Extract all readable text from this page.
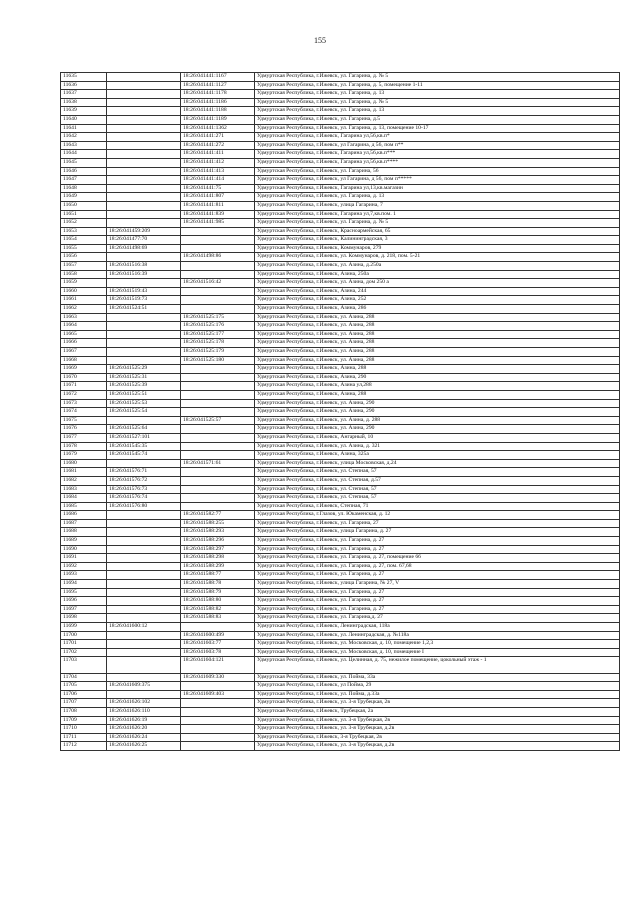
155
11635		18:26:041441:1167	Удмуртская Республика, г.Ижевск, ул. Гагарина, д. № 5
11636		18:26:041441:1127	Удмуртская Республика, г.Ижевск, ул. Гагарина, д. 5, помещение 1-11
11637		18:26:041441:1178	Удмуртская Республика, г.Ижевск, ул. Гагарина, д. 13
11638		18:26:041441:1186	Удмуртская Республика, г.Ижевск, ул. Гагарина, д. № 5
11639		18:26:041441:1188	Удмуртская Республика, г.Ижевск, ул. Гагарина, д. 13
11640		18:26:041441:1189	Удмуртская Республика, г.Ижевск, ул. Гагарина, д.5
11641		18:26:041441:1362	Удмуртская Республика, г.Ижевск, ул. Гагарина, д. 13, помещение 10-17
11642		18:26:041441:271	Удмуртская Республика, г.Ижевск, Гагарина ул,56,кв.п*
11643		18:26:041441:272	Удмуртская Республика, г.Ижевск, ул Гагарина, д 56, пом п**
11644		18:26:041441:411	Удмуртская Республика, г.Ижевск, Гагарина ул,56,кв.п***
11645		18:26:041441:412	Удмуртская Республика, г.Ижевск, Гагарина ул,56,кв.п****
11646		18:26:041441:413	Удмуртская Республика, г.Ижевск, ул. Гагарина, 56
11647		18:26:041441:414	Удмуртская Республика, г.Ижевск, ул Гагарина, д 56, пом п*****
11648		18:26:041441:75	Удмуртская Республика, г.Ижевск, Гагарина ул,13,кв.магазин
11649		18:26:041441:807	Удмуртская Республика, г.Ижевск, ул. Гагарина, д. 13
11650		18:26:041441:811	Удмуртская Республика, г.Ижевск, улица Гагарина, 7
11651		18:26:041441:839	Удмуртская Республика, г.Ижевск, Гагарина ул,7,кв.пом. 1
11652		18:26:041441:985	Удмуртская Республика, г.Ижевск, ул. Гагарина, д. № 5
11653	18:26:041459:209		Удмуртская Республика, г.Ижевск, Красноармейская, 65
11654	18:26:041477:70		Удмуртская Республика, г.Ижевск, Калининградская, 3
11655	18:26:041498:69		Удмуртская Республика, г.Ижевск, Коммунаров, 279
11656		18:26:041498:86	Удмуртская Республика, г.Ижевск, ул. Коммунаров, д. 218, пом. 5-21
11657	18:26:041516:38		Удмуртская Республика, г.Ижевск, ул. Азина, д.250а
11658	18:26:041516:39		Удмуртская Республика, г.Ижевск, Азина, 250а
11659		18:26:041516:42	Удмуртская Республика, г.Ижевск, ул. Азина, дом 250 а
11660	18:26:041519:43		Удмуртская Республика, г.Ижевск, Азина, 244
11661	18:26:041519:73		Удмуртская Республика, г.Ижевск, Азина, 252
11662	18:26:041524:51		Удмуртская Республика, г.Ижевск, Азина, 286
11663		18:26:041525:175	Удмуртская Республика, г.Ижевск, ул. Азина, 288
11664		18:26:041525:176	Удмуртская Республика, г.Ижевск, ул. Азина, 288
11665		18:26:041525:177	Удмуртская Республика, г.Ижевск, ул. Азина, 288
11666		18:26:041525:178	Удмуртская Республика, г.Ижевск, ул. Азина, 288
11667		18:26:041525:179	Удмуртская Республика, г.Ижевск, ул. Азина, 288
11668		18:26:041525:180	Удмуртская Республика, г.Ижевск, ул. Азина, 288
11669	18:26:041525:29		Удмуртская Республика, г.Ижевск, Азина, 288
11670	18:26:041525:31		Удмуртская Республика, г.Ижевск, Азина, 290
11671	18:26:041525:39		Удмуртская Республика, г.Ижевск, Азина ул,288
11672	18:26:041525:51		Удмуртская Республика, г.Ижевск, Азина, 288
11673	18:26:041525:53		Удмуртская Республика, г.Ижевск, ул. Азина, 290
11674	18:26:041525:54		Удмуртская Республика, г.Ижевск, ул. Азина, 290
11675		18:26:041525:57	Удмуртская Республика, г.Ижевск, ул. Азина, д. 288
11676	18:26:041525:64		Удмуртская Республика, г.Ижевск, ул. Азина, 290
11677	18:26:041527:101		Удмуртская Республика, г.Ижевск, Ангарный, 10
11678	18:26:041545:35		Удмуртская Республика, г.Ижевск, ул. Азина, д. 321
11679	18:26:041545:74		Удмуртская Республика, г.Ижевск, Азина, 325а
11680		18:26:041571:61	Удмуртская Республика, г.Ижевск, улица Московская, д.24
11681	18:26:041576:71		Удмуртская Республика, г.Ижевск, ул. Степная, 57
11682	18:26:041576:72		Удмуртская Республика, г.Ижевск, ул. Степная, д.57
11683	18:26:041576:73		Удмуртская Республика, г.Ижевск, ул. Степная, 57
11684	18:26:041576:74		Удмуртская Республика, г.Ижевск, ул. Степная, 57
11685	18:26:041576:80		Удмуртская Республика, г.Ижевск, Степная, 71
11686		18:26:041582:77	Удмуртская Республика, г.Глазов, ул. Юкаменская, д. 12
11687		18:26:041588:255	Удмуртская Республика, г.Ижевск, ул. Гагарина, 27
11688		18:26:041588:293	Удмуртская Республика, г.Ижевск, улица Гагарина, д. 27
11689		18:26:041588:296	Удмуртская Республика, г.Ижевск, ул. Гагарина, д. 27
11690		18:26:041588:297	Удмуртская Республика, г.Ижевск, ул. Гагарина, д. 27
11691		18:26:041588:298	Удмуртская Республика, г.Ижевск, ул. Гагарина, д. 27, помещение 66
11692		18:26:041588:299	Удмуртская Республика, г.Ижевск, ул. Гагарина, д. 27, пом. 67,68
11693		18:26:041588:77	Удмуртская Республика, г.Ижевск, ул. Гагарина, д. 27
11694		18:26:041588:78	Удмуртская Республика, г.Ижевск, улица Гагарина, № 27, V
11695		18:26:041588:79	Удмуртская Республика, г.Ижевск, ул. Гагарина, д. 27
11696		18:26:041588:80	Удмуртская Республика, г.Ижевск, ул. Гагарина, д. 27
11697		18:26:041588:82	Удмуртская Республика, г.Ижевск, ул. Гагарина, д. 27
11698		18:26:041588:83	Удмуртская Республика, г.Ижевск, ул. Гагарина,д. 27
11699	18:26:041600:12		Удмуртская Республика, г.Ижевск, Ленинградская, 118а
11700		18:26:041600:499	Удмуртская Республика, г.Ижевск, ул. Ленинградская, д. №118а
11701		18:26:041603:77	Удмуртская Республика, г.Ижевск, ул. Московская, д. 10, помещение 1,2,3
11702		18:26:041603:78	Удмуртская Республика, г.Ижевск, ул. Московская, д. 10, помещение I
11703		18:26:041604:121	Удмуртская Республика, г.Ижевск, ул. Целинная, д. 75, нежилое помещение, цокольный этаж - 1
11704		18:26:041609:330	Удмуртская Республика, г.Ижевск, ул. Пойма, 33а
11705	18:26:041609:375		Удмуртская Республика, г.Ижевск, ул Пойма, 29
11706		18:26:041609:403	Удмуртская Республика, г.Ижевск, ул. Пойма, д.33а
11707	18:26:041626:102		Удмуртская Республика, г.Ижевск, ул. 3-я Трубецкая, 2в
11708	18:26:041626:110		Удмуртская Республика, г.Ижевск, Трубецкая, 2а
11709	18:26:041626:19		Удмуртская Республика, г.Ижевск, ул. 3-я Трубецкая, 2в
11710	18:26:041626:20		Удмуртская Республика, г.Ижевск, ул. 3-я Трубецкая, д.2в
11711	18:26:041626:24		Удмуртская Республика, г.Ижевск, 3-я Трубецкая, 2в
11712	18:26:041626:25		Удмуртская Республика, г.Ижевск, ул. 3-я Трубецкая, д.2в
